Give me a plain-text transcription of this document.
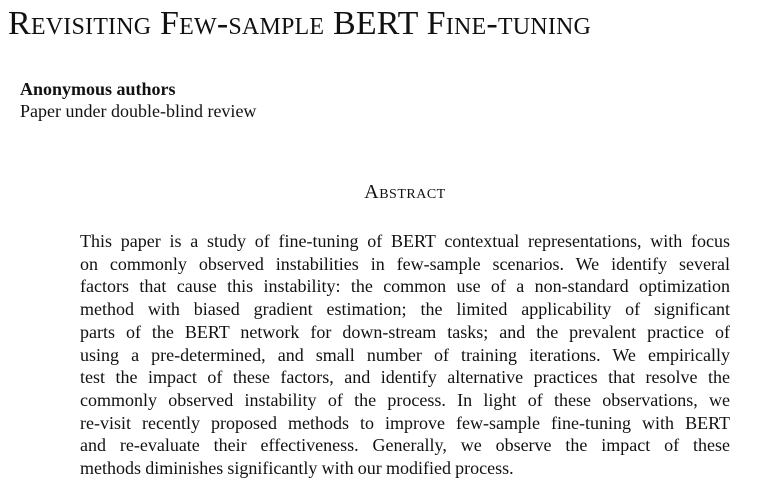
Revisiting Few-sample BERT Fine-tuning
Anonymous authors
Paper under double-blind review
Abstract
This paper is a study of fine-tuning of BERT contextual representations, with focus
on commonly observed instabilities in few-sample scenarios. We identify several
factors that cause this instability: the common use of a non-standard optimization
method with biased gradient estimation; the limited applicability of significant
parts of the BERT network for down-stream tasks; and the prevalent practice of
using a pre-determined, and small number of training iterations. We empirically
test the impact of these factors, and identify alternative practices that resolve the
commonly observed instability of the process. In light of these observations, we
re-visit recently proposed methods to improve few-sample fine-tuning with BERT
and re-evaluate their effectiveness. Generally, we observe the impact of these
methods diminishes significantly with our modified process.
